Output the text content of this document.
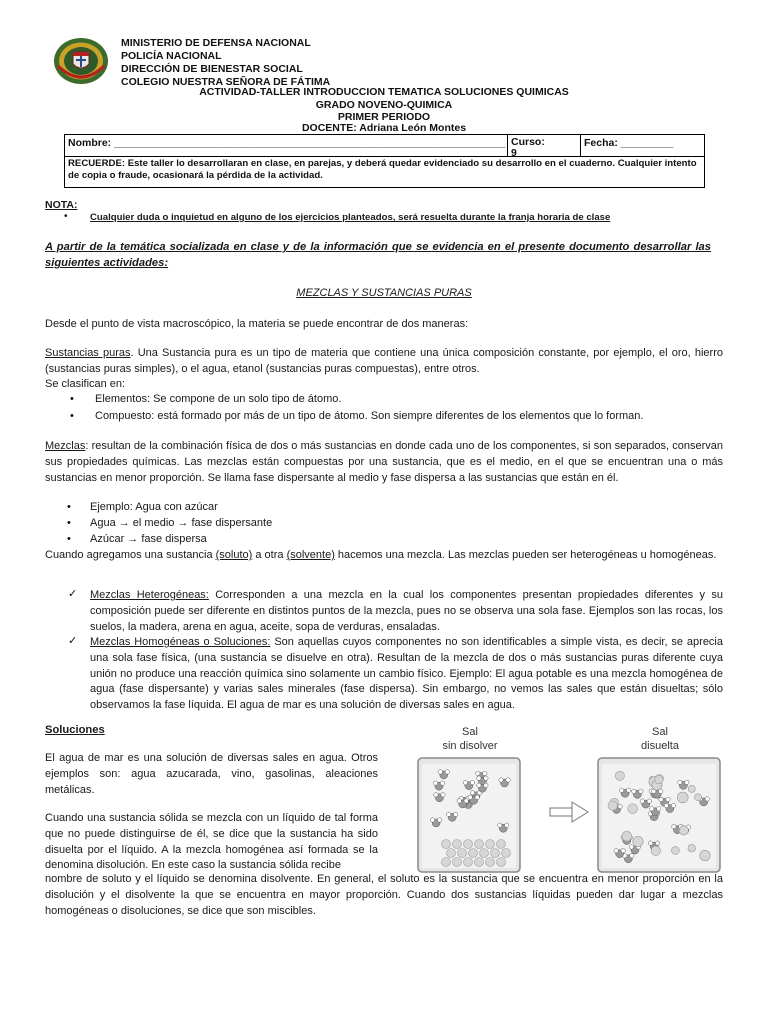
MINISTERIO DE DEFENSA NACIONAL
POLICÍA NACIONAL
DIRECCIÓN DE BIENESTAR SOCIAL
COLEGIO NUESTRA SEÑORA DE FÁTIMA
ACTIVIDAD-TALLER INTRODUCCION TEMATICA SOLUCIONES QUIMICAS
GRADO NOVENO-QUIMICA
PRIMER PERIODO
DOCENTE: Adriana León Montes
Nombre: ___________________________________________________________________ Curso:
9___
Fecha: _________
RECUERDE: Este taller lo desarrollaran en clase, en parejas, y deberá quedar evidenciado su desarrollo en el cuaderno. Cualquier intento de copia o fraude, ocasionará la pérdida de la actividad.
NOTA:
• Cualquier duda o inquietud en alguno de los ejercicios planteados, será resuelta durante la franja horaria de clase
A partir de la temática socializada en clase y de la información que se evidencia en el presente documento desarrollar las siguientes actividades:
MEZCLAS Y SUSTANCIAS PURAS
Desde el punto de vista macroscópico, la materia se puede encontrar de dos maneras:
Sustancias puras. Una Sustancia pura es un tipo de materia que contiene una única composición constante, por ejemplo, el oro, hierro (sustancias puras simples), o el agua, etanol (sustancias puras compuestas), entre otros.
Se clasifican en:
• Elementos: Se compone de un solo tipo de átomo.
• Compuesto: está formado por más de un tipo de átomo. Son siempre diferentes de los elementos que lo forman.
Mezclas: resultan de la combinación física de dos o más sustancias en donde cada uno de los componentes, si son separados, conservan sus propiedades químicas. Las mezclas están compuestas por una sustancia, que es el medio, en el que se encuentran una o más sustancias en menor proporción. Se llama fase dispersante al medio y fase dispersa a las sustancias que están en él.
• Ejemplo: Agua con azúcar
• Agua → el medio → fase dispersante
• Azúcar → fase dispersa
Cuando agregamos una sustancia (soluto) a otra (solvente) hacemos una mezcla. Las mezclas pueden ser heterogéneas u homogéneas.
✓ Mezclas Heterogéneas: Corresponden a una mezcla en la cual los componentes presentan propiedades diferentes y su composición puede ser diferente en distintos puntos de la mezcla, pues no se observa una sola fase. Ejemplos son las rocas, los suelos, la madera, arena en agua, aceite, sopa de verduras, ensaladas.
✓ Mezclas Homogéneas o Soluciones: Son aquellas cuyos componentes no son identificables a simple vista, es decir, se aprecia una sola fase física, (una sustancia se disuelve en otra). Resultan de la mezcla de dos o más sustancias puras diferente cuya unión no produce una reacción química sino solamente un cambio físico. Ejemplo: El agua potable es una mezcla homogénea de agua (fase dispersante) y varias sales minerales (fase dispersa). Sin embargo, no vemos las sales que están disueltas; sólo observamos la fase líquida. El agua de mar es una solución de diversas sales en agua.
Soluciones
El agua de mar es una solución de diversas sales en agua. Otros ejemplos son: agua azucarada, vino, gasolinas, aleaciones metálicas.
Cuando una sustancia sólida se mezcla con un líquido de tal forma que no puede distinguirse de él, se dice que la sustancia ha sido disuelta por el líquido. A la mezcla homogénea así formada se la denomina disolución. En este caso la sustancia sólida recibe
nombre de soluto y el líquido se denomina disolvente. En general, el soluto es la sustancia que se encuentra en menor proporción en la disolución y el disolvente la que se encuentra en mayor proporción. Cuando dos sustancias líquidas pueden dar lugar a mezclas homogéneas o disoluciones, se dice que son miscibles.
Sal
sin disolver
Sal
disuelta
